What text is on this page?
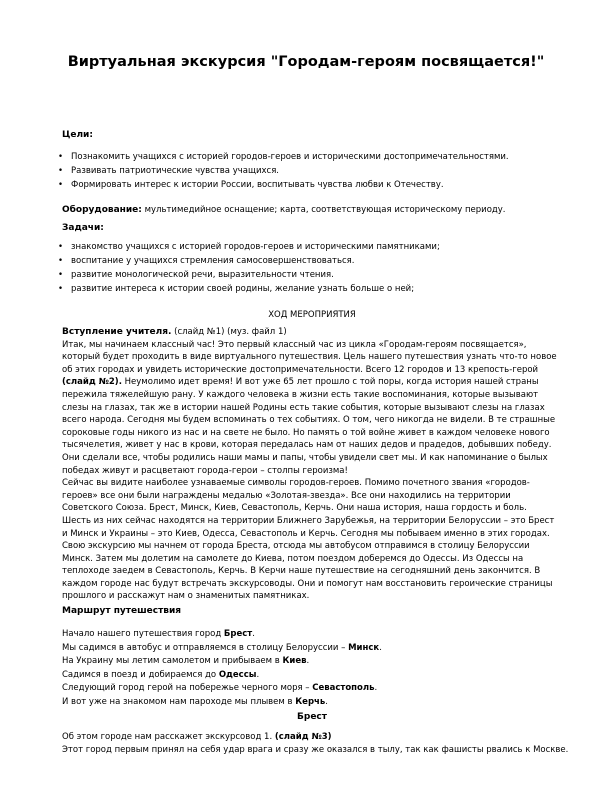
Виртуальная экскурсия "Городам-героям посвящается!"
Цели:
• Познакомить учащихся с историей городов-героев и историческими достопримечательностями.
• Развивать патриотические чувства учащихся.
• Формировать интерес к истории России, воспитывать чувства любви к Отечеству.
Оборудование: мультимедийное оснащение; карта, соответствующая историческому периоду.
Задачи:
• знакомство учащихся с историей городов-героев и историческими памятниками;
• воспитание у учащихся стремления самосовершенствоваться.
• развитие монологической речи, выразительности чтения.
• развитие интереса к истории своей родины, желание узнать больше о ней;
ХОД МЕРОПРИЯТИЯ

Вступление учителя. (слайд №1) (муз. файл 1)

Итак, мы начинаем классный час! Это первый классный час из цикла «Городам-героям посвящается», который будет проходить в виде виртуального путешествия. Цель нашего путешествия узнать что-то новое об этих городах и увидеть исторические достопримечательности. Всего 12 городов и 13 крепость-герой (слайд №2). Неумолимо идет время! И вот уже 65 лет прошло с той поры, когда история нашей страны пережила тяжелейшую рану. У каждого человека в жизни есть такие воспоминания, которые вызывают слезы на глазах, так же в истории нашей Родины есть такие события, которые вызывают слезы на глазах всего народа. Сегодня мы будем вспоминать о тех событиях. О том, чего никогда не видели. В те страшные сороковые годы никого из нас и на свете не было. Но память о той войне живет в каждом человеке нового тысячелетия, живет у нас в крови, которая передалась нам от наших дедов и прадедов, добывших победу. Они сделали все, чтобы родились наши мамы и папы, чтобы увидели свет мы. И как напоминание о былых победах живут и расцветают города-герои – столпы героизма!

Сейчас вы видите наиболее узнаваемые символы городов-героев. Помимо почетного звания «городов-героев» все они были награждены медалью «Золотая-звезда». Все они находились на территории Советского Союза. Брест, Минск, Киев, Севастополь, Керчь. Они наша история, наша гордость и боль.

Шесть из них сейчас находятся на территории Ближнего Зарубежья, на территории Белоруссии – это Брест и Минск и Украины – это Киев, Одесса, Севастополь и Керчь. Сегодня мы побываем именно в этих городах. Свою экскурсию мы начнем от города Бреста, отсюда мы автобусом отправимся в столицу Белоруссии Минск. Затем мы долетим на самолете до Киева, потом поездом доберемся до Одессы. Из Одессы на теплоходе заедем в Севастополь, Керчь. В Керчи наше путешествие на сегодняшний день закончится. В каждом городе нас будут встречать экскурсоводы. Они и помогут нам восстановить героические страницы прошлого и расскажут нам о знаменитых памятниках.

Маршрут путешествия

Начало нашего путешествия город Брест.

Мы садимся в автобус и отправляемся в столицу Белоруссии – Минск.

На Украину мы летим самолетом и прибываем в Киев.

Садимся в поезд и добираемся до Одессы.

Следующий город герой на побережье черного моря – Севастополь.

И вот уже на знакомом нам пароходе мы плывем в Керчь.

Брест

Об этом городе нам расскажет экскурсовод 1. (слайд №3)

Этот город первым принял на себя удар врага и сразу же оказался в тылу, так как фашисты рвались к Москве.
